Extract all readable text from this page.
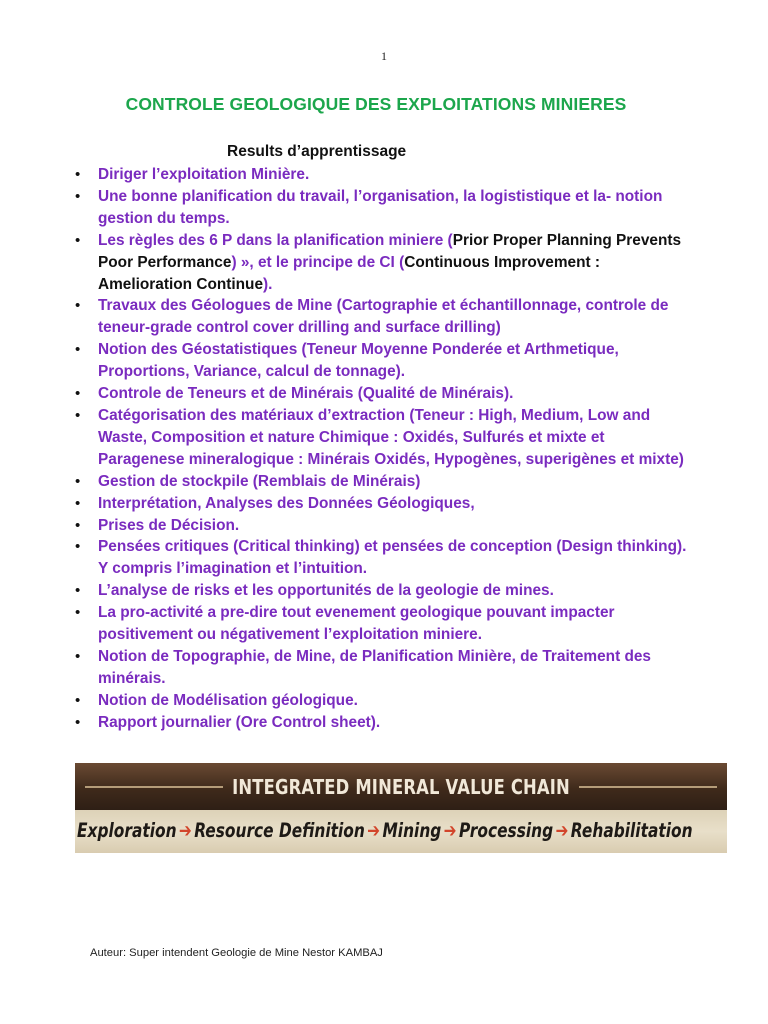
1
CONTROLE GEOLOGIQUE DES EXPLOITATIONS MINIERES
Results d’apprentissage
• Diriger l’exploitation Minière.
• Une bonne planification du travail, l’organisation, la logististique et la- notion gestion du temps.
• Les règles des 6 P dans la planification miniere (Prior Proper Planning Prevents Poor Performance) », et le principe de CI (Continuous Improvement : Amelioration Continue).
• Travaux des Géologues de Mine (Cartographie et échantillonnage, controle de teneur-grade control cover drilling and surface drilling)
• Notion des Géostatistiques (Teneur Moyenne Ponderée et Arthmetique, Proportions, Variance, calcul de tonnage).
• Controle de Teneurs et de Minérais (Qualité de Minérais).
• Catégorisation des matériaux d’extraction (Teneur : High, Medium, Low and Waste, Composition et nature Chimique : Oxidés, Sulfurés et mixte et Paragenese mineralogique : Minérais Oxidés, Hypogènes, superigènes et mixte)
• Gestion de stockpile (Remblais de Minérais)
• Interprétation, Analyses des Données Géologiques,
• Prises de Décision.
• Pensées critiques (Critical thinking) et pensées de conception (Design thinking). Y compris l’imagination et l’intuition.
• L’analyse de risks et les opportunités de la geologie de mines.
• La pro-activité a pre-dire tout evenement geologique pouvant impacter positivement ou négativement l’exploitation miniere.
• Notion de Topographie, de Mine, de Planification Minière, de Traitement des minérais.
• Notion de Modélisation géologique.
• Rapport journalier (Ore Control sheet).
INTEGRATED MINERAL VALUE CHAIN
Exploration ➔ Resource Definition ➔ Mining ➔ Processing ➔ Rehabilitation
Auteur: Super intendent Geologie de Mine Nestor KAMBAJ
